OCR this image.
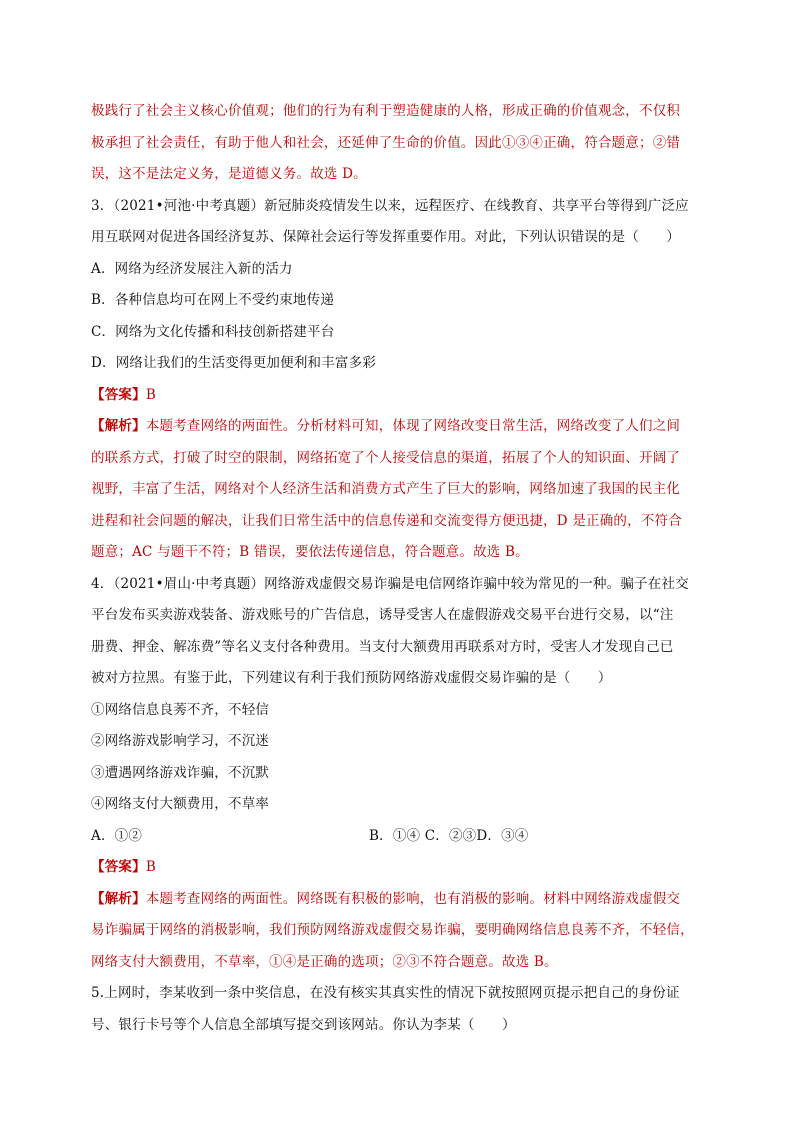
极践行了社会主义核心价值观；他们的行为有利于塑造健康的人格，形成正确的价值观念，不仅积
极承担了社会责任，有助于他人和社会，还延伸了生命的价值。因此①③④正确，符合题意；②错
误，这不是法定义务，是道德义务。故选 D。
3．（2021•河池·中考真题）新冠肺炎疫情发生以来，远程医疗、在线教育、共享平台等得到广泛应
用互联网对促进各国经济复苏、保障社会运行等发挥重要作用。对此，下列认识错误的是（　　）
A．网络为经济发展注入新的活力
B．各种信息均可在网上不受约束地传递
C．网络为文化传播和科技创新搭建平台
D．网络让我们的生活变得更加便利和丰富多彩
【答案】B
【解析】本题考查网络的两面性。分析材料可知，体现了网络改变日常生活，网络改变了人们之间
的联系方式，打破了时空的限制，网络拓宽了个人接受信息的渠道，拓展了个人的知识面、开阔了
视野，丰富了生活，网络对个人经济生活和消费方式产生了巨大的影响，网络加速了我国的民主化
进程和社会问题的解决，让我们日常生活中的信息传递和交流变得方便迅捷，D 是正确的，不符合
题意；AC 与题干不符；B 错误，要依法传递信息，符合题意。故选 B。
4．（2021•眉山·中考真题）网络游戏虚假交易诈骗是电信网络诈骗中较为常见的一种。骗子在社交
平台发布买卖游戏装备、游戏账号的广告信息，诱导受害人在虚假游戏交易平台进行交易，以“注
册费、押金、解冻费”等名义支付各种费用。当支付大额费用再联系对方时，受害人才发现自己已
被对方拉黑。有鉴于此，下列建议有利于我们预防网络游戏虚假交易诈骗的是（　　）
①网络信息良莠不齐，不轻信
②网络游戏影响学习，不沉迷
③遭遇网络游戏诈骗，不沉默
④网络支付大额费用，不草率
A．①②	B．①④ C．②③D．③④
【答案】B
【解析】本题考查网络的两面性。网络既有积极的影响，也有消极的影响。材料中网络游戏虚假交
易诈骗属于网络的消极影响，我们预防网络游戏虚假交易诈骗，要明确网络信息良莠不齐，不轻信，
网络支付大额费用，不草率，①④是正确的选项；②③不符合题意。故选 B。
5.上网时，李某收到一条中奖信息，在没有核实其真实性的情况下就按照网页提示把自己的身份证
号、银行卡号等个人信息全部填写提交到该网站。你认为李某（　　）
